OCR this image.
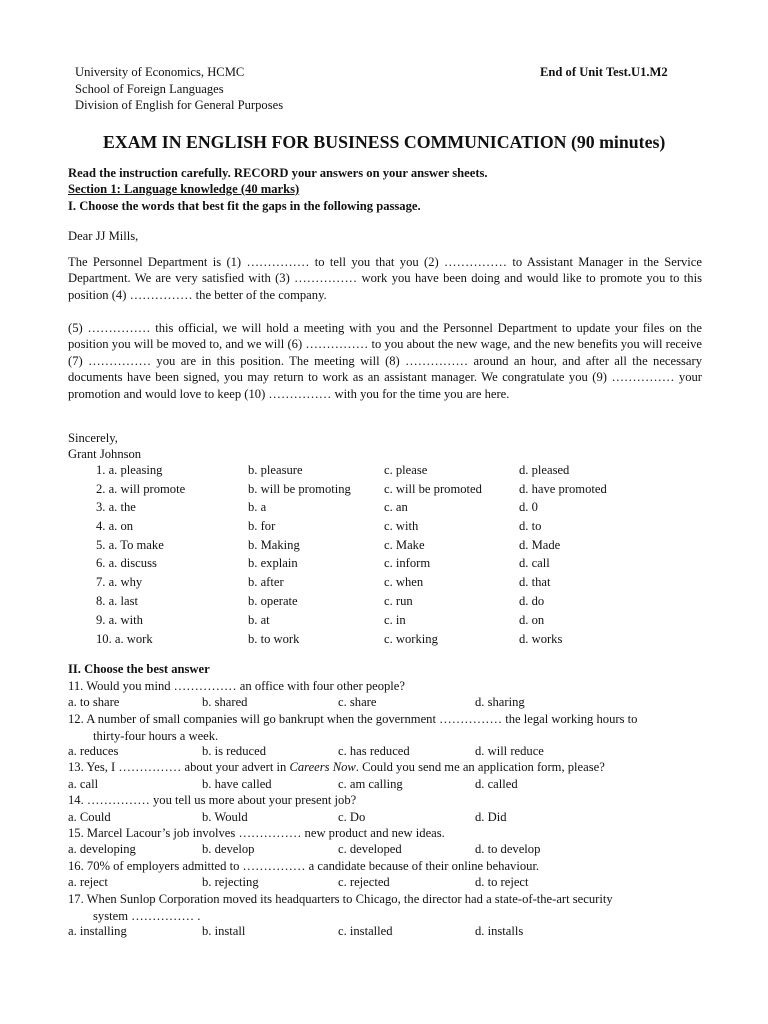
University of Economics, HCMC
School of Foreign Languages
Division of English for General Purposes
End of Unit Test.U1.M2
EXAM IN ENGLISH FOR BUSINESS COMMUNICATION (90 minutes)
Read the instruction carefully. RECORD your answers on your answer sheets.
Section 1: Language knowledge (40 marks)
I. Choose the words that best fit the gaps in the following passage.
Dear JJ Mills,
The Personnel Department is (1) …………… to tell you that you (2) …………… to Assistant Manager in the Service Department. We are very satisfied with (3) …………… work you have been doing and would like to promote you to this position (4) …………… the better of the company.
(5) …………… this official, we will hold a meeting with you and the Personnel Department to update your files on the position you will be moved to, and we will (6) …………… to you about the new wage, and the new benefits you will receive (7) …………… you are in this position. The meeting will (8) …………… around an hour, and after all the necessary documents have been signed, you may return to work as an assistant manager. We congratulate you (9) …………… your promotion and would love to keep (10) …………… with you for the time you are here.
Sincerely,
Grant Johnson
1. a. pleasing	b. pleasure	c. please	d. pleased
2. a. will promote	b. will be promoting	c. will be promoted	d. have promoted
3. a. the	b. a	c. an	d. 0
4. a. on	b. for	c. with	d. to
5. a. To make	b. Making	c. Make	d. Made
6. a. discuss	b. explain	c. inform	d. call
7. a. why	b. after	c. when	d. that
8. a. last	b. operate	c. run	d. do
9. a. with	b. at	c. in	d. on
10. a. work	b. to work	c. working	d. works
II. Choose the best answer
11. Would you mind …………… an office with four other people?
a. to share	b. shared	c. share	d. sharing
12. A number of small companies will go bankrupt when the government …………… the legal working hours to
thirty-four hours a week.
a. reduces	b. is reduced	c. has reduced	d. will reduce
13. Yes, I …………… about your advert in Careers Now. Could you send me an application form, please?
a. call	b. have called	c. am calling	d. called
14. …………… you tell us more about your present job?
a. Could	b. Would	c. Do	d. Did
15. Marcel Lacour’s job involves …………… new product and new ideas.
a. developing	b. develop	c. developed	d. to develop
16. 70% of employers admitted to …………… a candidate because of their online behaviour.
a. reject	b. rejecting	c. rejected	d. to reject
17. When Sunlop Corporation moved its headquarters to Chicago, the director had a state-of-the-art security
system …………… .
a. installing	b. install	c. installed	d. installs
